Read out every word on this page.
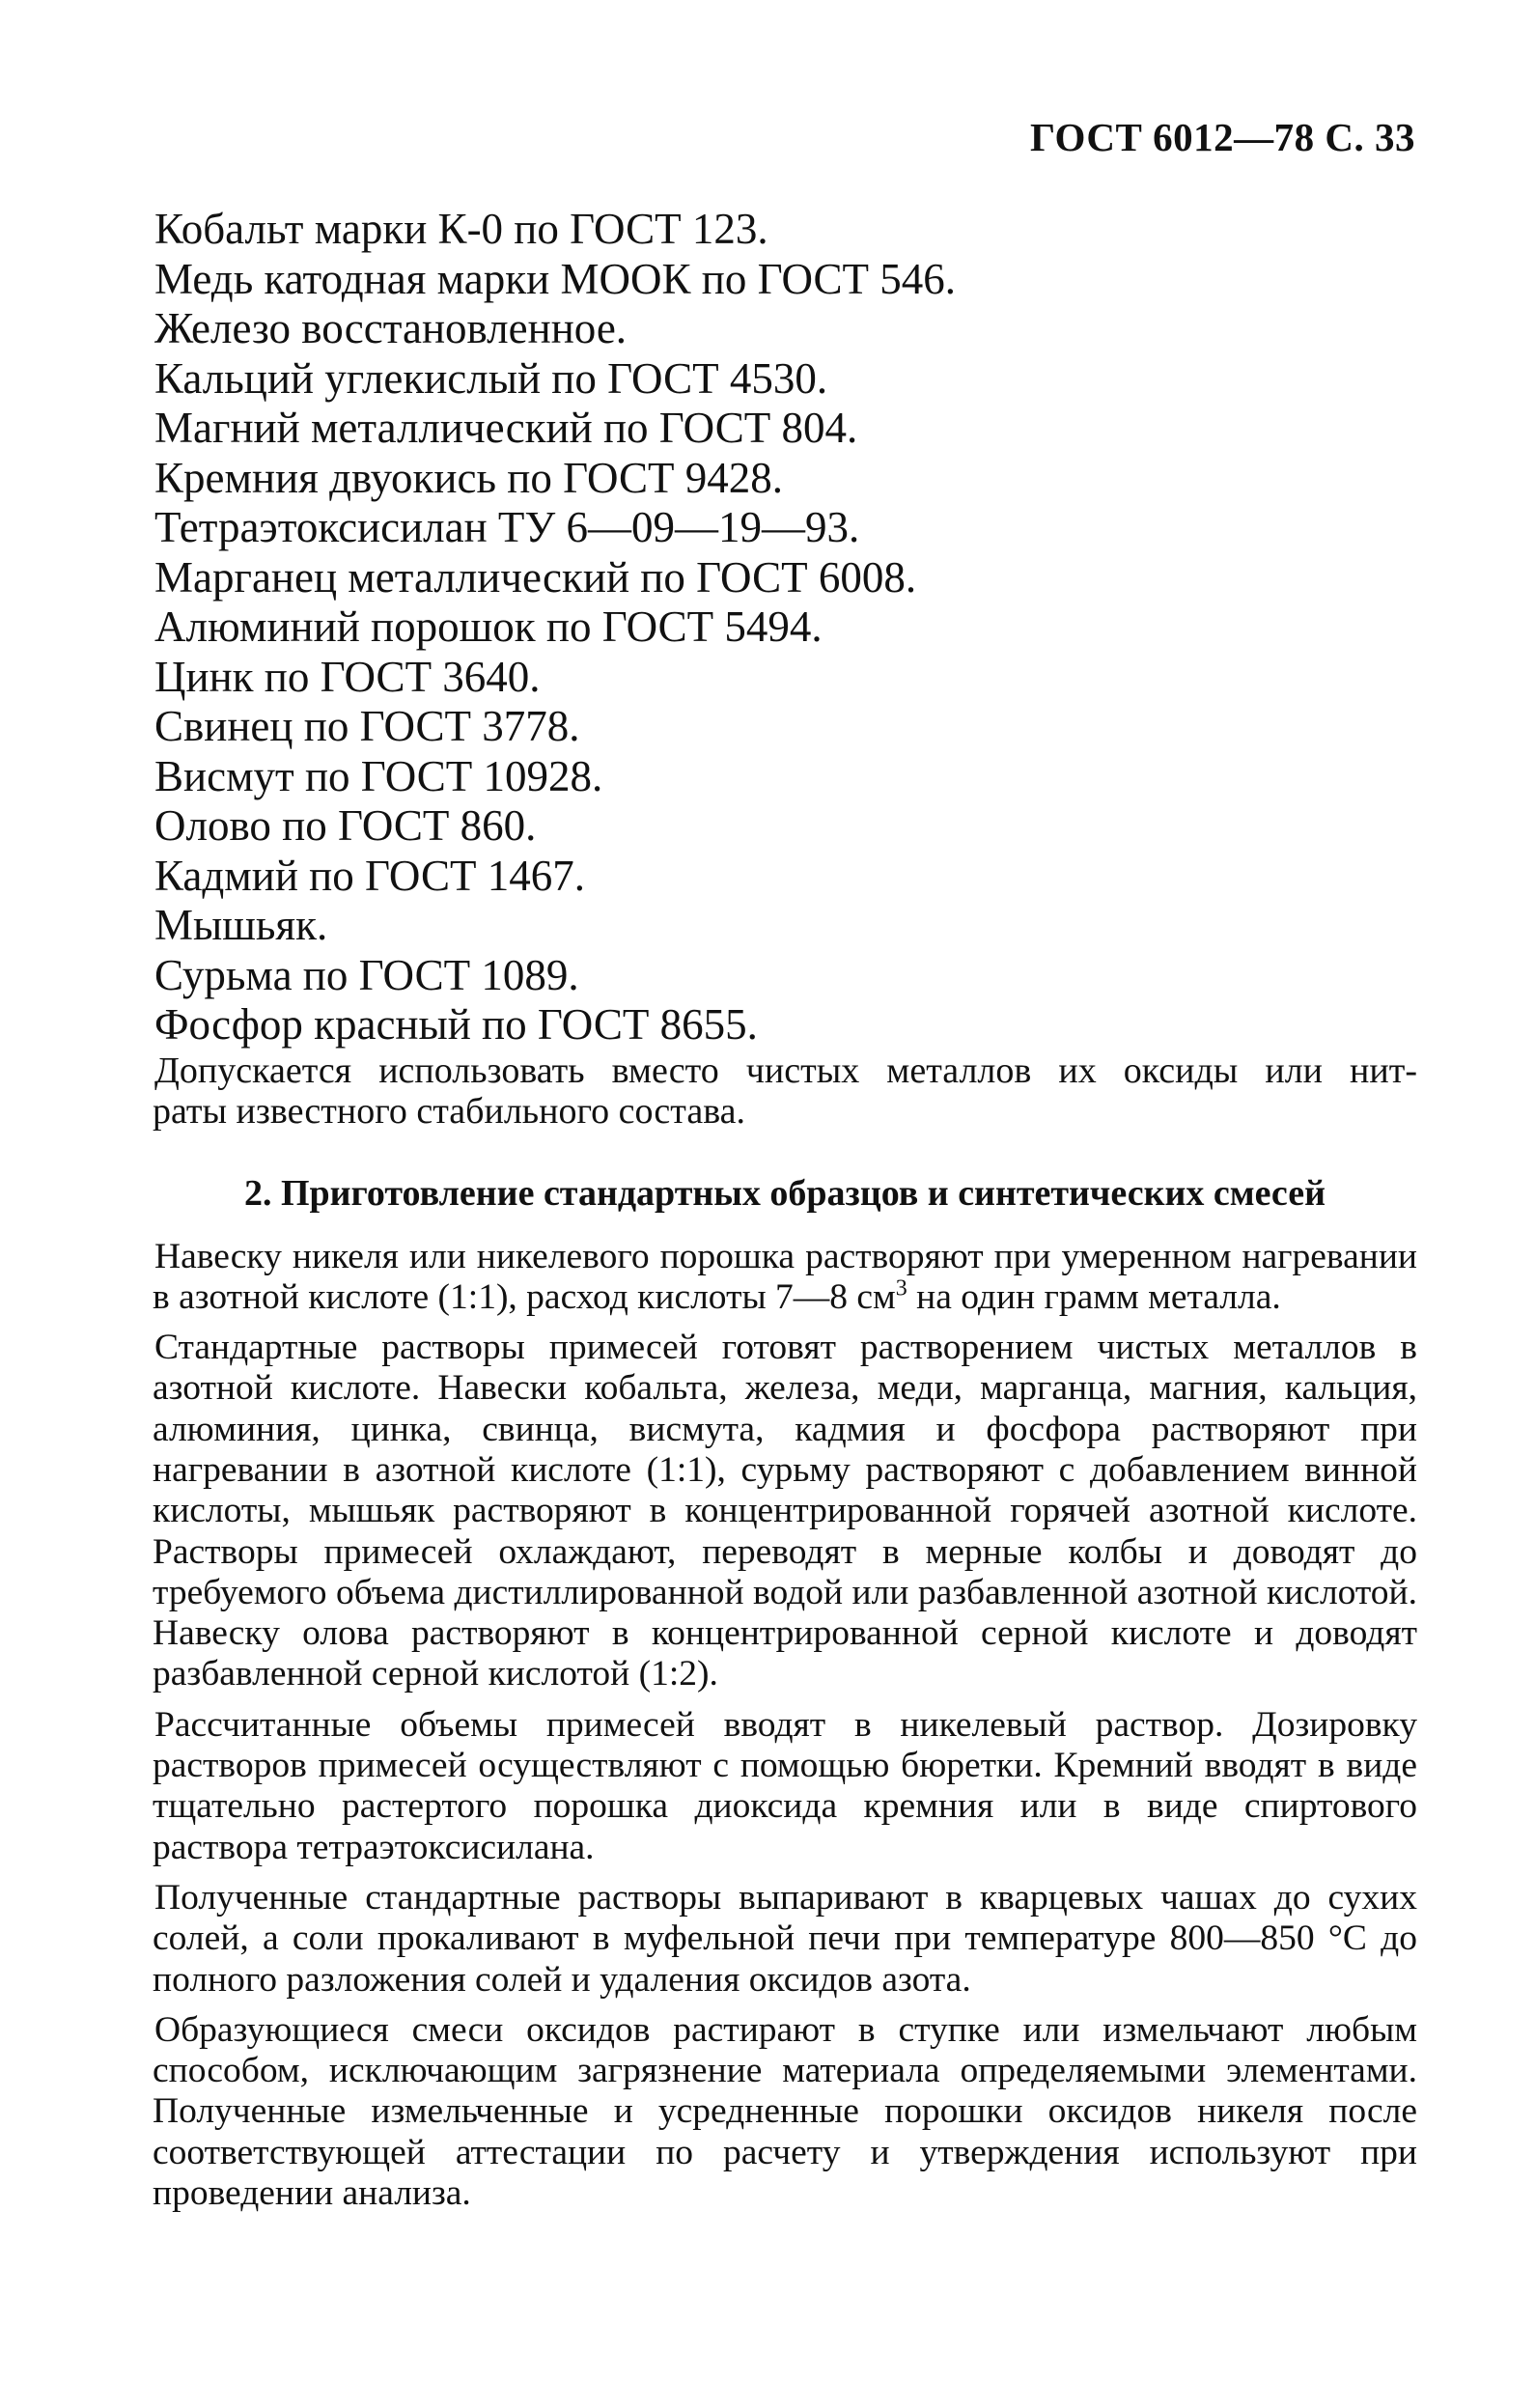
ГОСТ 6012—78 С. 33
Кобальт марки К-0 по ГОСТ 123.
Медь катодная марки МООК по ГОСТ 546.
Железо восстановленное.
Кальций углекислый по ГОСТ 4530.
Магний металлический по ГОСТ 804.
Кремния двуокись по ГОСТ 9428.
Тетраэтоксисилан ТУ 6—09—19—93.
Марганец металлический по ГОСТ 6008.
Алюминий порошок по ГОСТ 5494.
Цинк по ГОСТ 3640.
Свинец по ГОСТ 3778.
Висмут по ГОСТ 10928.
Олово по ГОСТ 860.
Кадмий по ГОСТ 1467.
Мышьяк.
Сурьма по ГОСТ 1089.
Фосфор красный по ГОСТ 8655.

Допускается использовать вместо чистых металлов их оксиды или нит-
раты известного стабильного состава.

2. Приготовление стандартных образцов и синтетических смесей

Навеску никеля или никелевого порошка растворяют при умеренном нагревании в азотной кислоте (1:1), расход кислоты 7—8 $см^3$ на один грамм металла.

Стандартные растворы примесей готовят растворением чистых металлов в азотной кислоте. Навески кобальта, железа, меди, марганца, магния, кальция, алюминия, цинка, свинца, висмута, кадмия и фосфора растворяют при нагревании в азотной кислоте (1:1), сурьму растворяют с добавлением винной кислоты, мышьяк растворяют в концентрированной горячей азотной кислоте. Растворы примесей охлаждают, переводят в мерные колбы и доводят до требуемого объема дистиллированной водой или разбавленной азотной кислотой. Навеску олова растворяют в концентрированной серной кислоте и доводят разбавленной серной кислотой (1:2).

Рассчитанные объемы примесей вводят в никелевый раствор. Дозировку растворов примесей осуществляют с помощью бюретки. Кремний вводят в виде тщательно растертого порошка диоксида кремния или в виде спиртового раствора тетраэтоксисилана.

Полученные стандартные растворы выпаривают в кварцевых чашах до сухих солей, а соли прокаливают в муфельной печи при температуре 800—850 °С до полного разложения солей и удаления оксидов азота.

Образующиеся смеси оксидов растирают в ступке или измельчают любым способом, исключающим загрязнение материала определяемыми элементами. Полученные измельченные и усредненные порошки оксидов никеля после соответствующей аттестации по расчету и утверждения используют при проведении анализа.
